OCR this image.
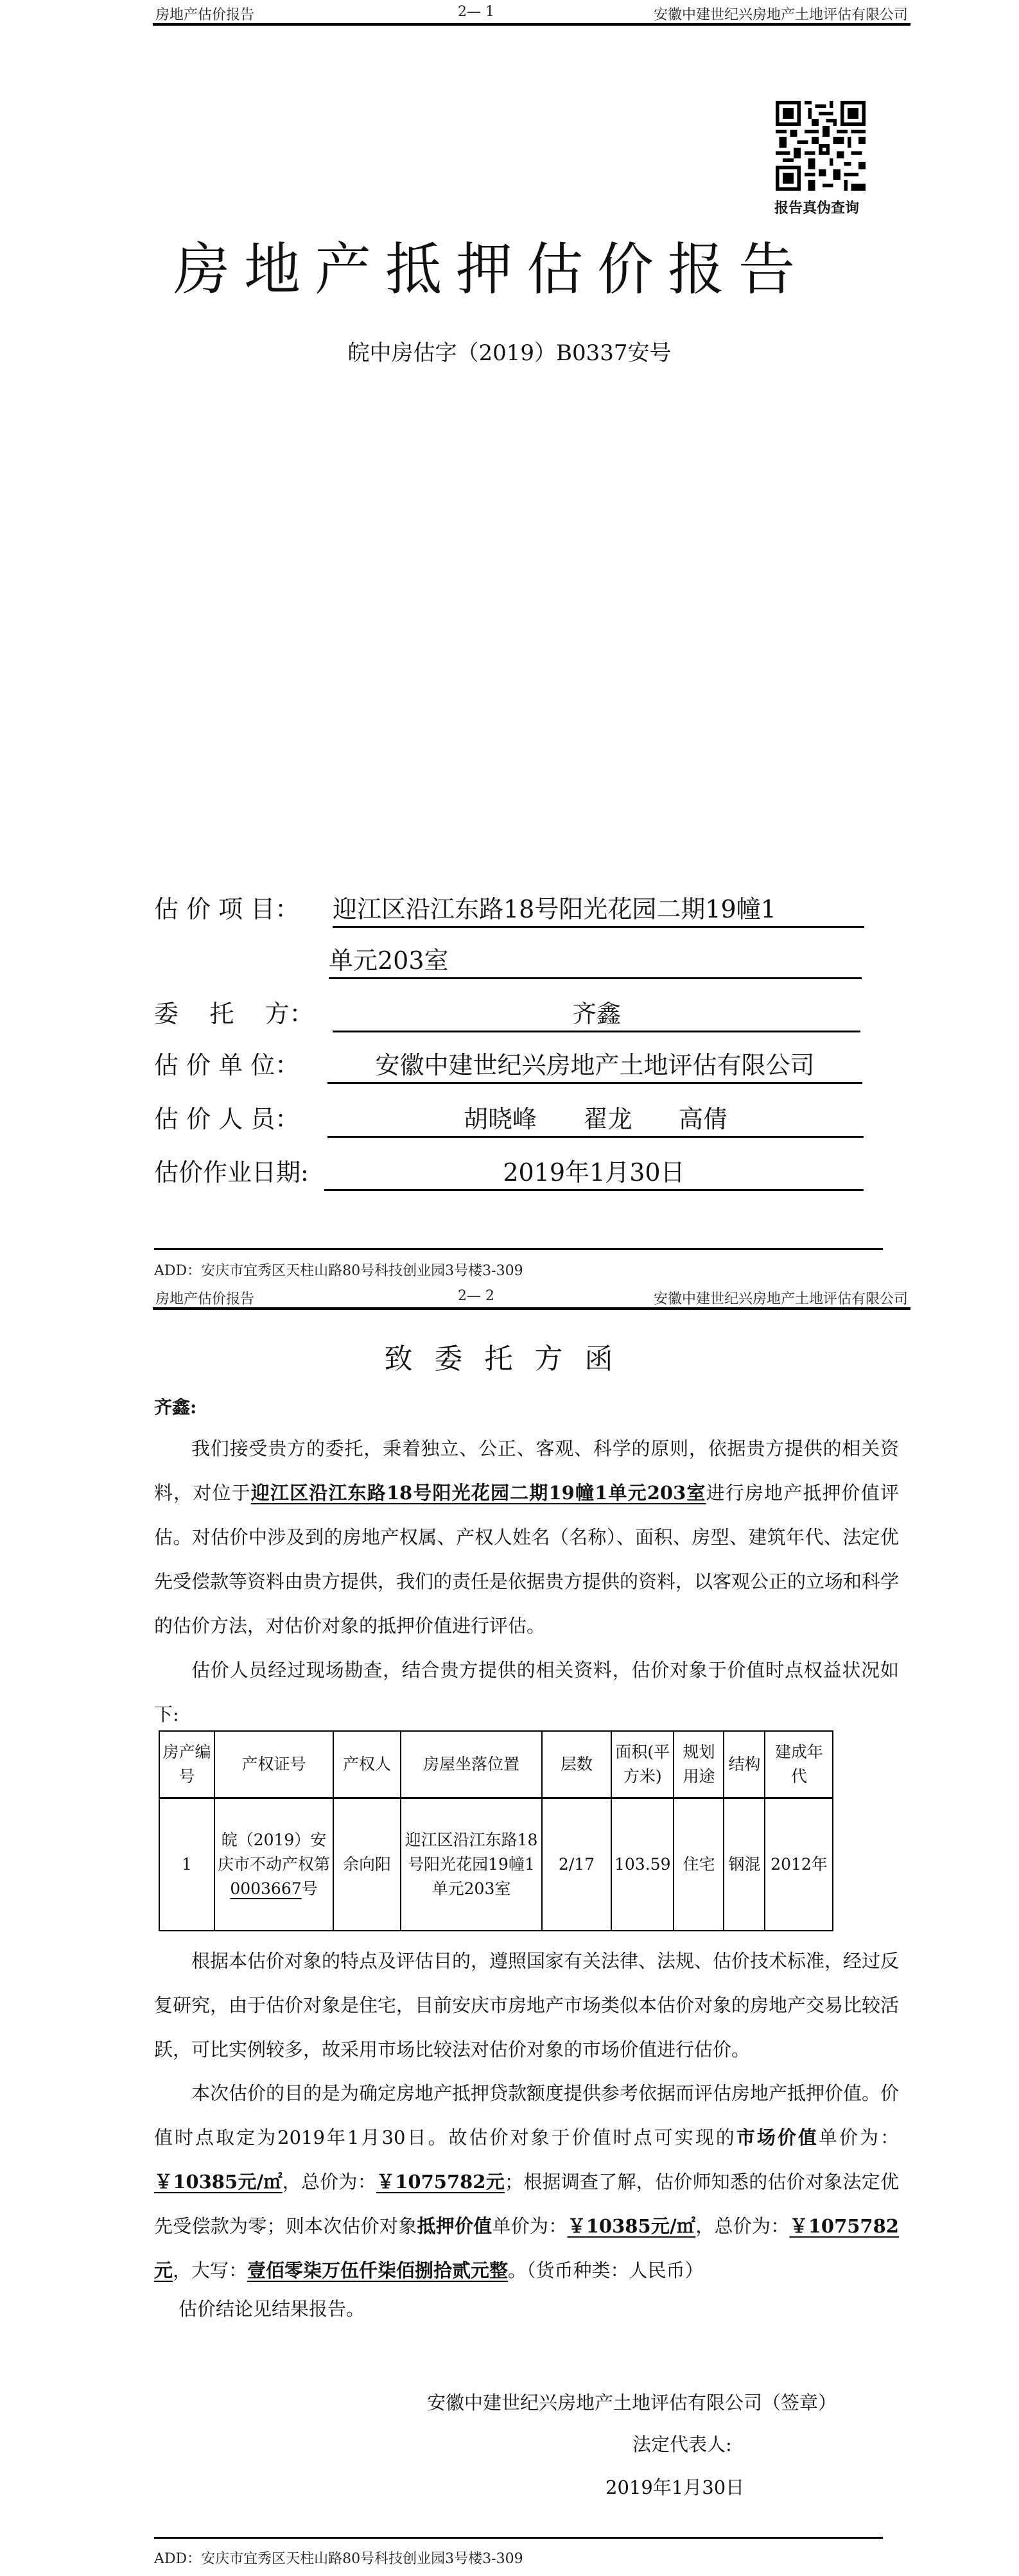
房地产估价报告	2— 1	安徽中建世纪兴房地产土地评估有限公司
报告真伪查询
房地产抵押估价报告
皖中房估字（2019）B0337安号
估 价 项 目： 迎江区沿江东路18号阳光花园二期19幢1
单元203室
委    托    方：	齐鑫
估 价 单 位：	安徽中建世纪兴房地产土地评估有限公司
估 价 人 员：	胡晓峰      翟龙      高倩
估价作业日期:	2019年1月30日
ADD：安庆市宜秀区天柱山路80号科技创业园3号楼3-309
房地产估价报告	2— 2	安徽中建世纪兴房地产土地评估有限公司
致委托方函
齐鑫:
我们接受贵方的委托，秉着独立、公正、客观、科学的原则，依据贵方提供的相关资料，对位于迎江区沿江东路18号阳光花园二期19幢1单元203室进行房地产抵押价值评估。对估价中涉及到的房地产权属、产权人姓名（名称）、面积、房型、建筑年代、法定优先受偿款等资料由贵方提供，我们的责任是依据贵方提供的资料，以客观公正的立场和科学的估价方法，对估价对象的抵押价值进行评估。
估价人员经过现场勘查，结合贵方提供的相关资料，估价对象于价值时点权益状况如下:
房产编号	产权证号	产权人	房屋坐落位置	层数	面积(平方米)	规划用途	结构	建成年代
1	皖（2019）安庆市不动产权第0003667号	余向阳	迎江区沿江东路18号阳光花园19幢1单元203室	2/17	103.59	住宅	钢混	2012年
根据本估价对象的特点及评估目的，遵照国家有关法律、法规、估价技术标准，经过反复研究，由于估价对象是住宅，目前安庆市房地产市场类似本估价对象的房地产交易比较活跃，可比实例较多，故采用市场比较法对估价对象的市场价值进行估价。
本次估价的目的是为确定房地产抵押贷款额度提供参考依据而评估房地产抵押价值。价值时点取定为2019年1月30日。故估价对象于价值时点可实现的市场价值单价为：￥10385元/㎡，总价为：￥1075782元；根据调查了解，估价师知悉的估价对象法定优先受偿款为零；则本次估价对象抵押价值单价为：￥10385元/㎡，总价为：￥1075782元，大写：壹佰零柒万伍仟柒佰捌拾贰元整。（货币种类：人民币）
估价结论见结果报告。
安徽中建世纪兴房地产土地评估有限公司（签章）
法定代表人:
2019年1月30日
ADD：安庆市宜秀区天柱山路80号科技创业园3号楼3-309
